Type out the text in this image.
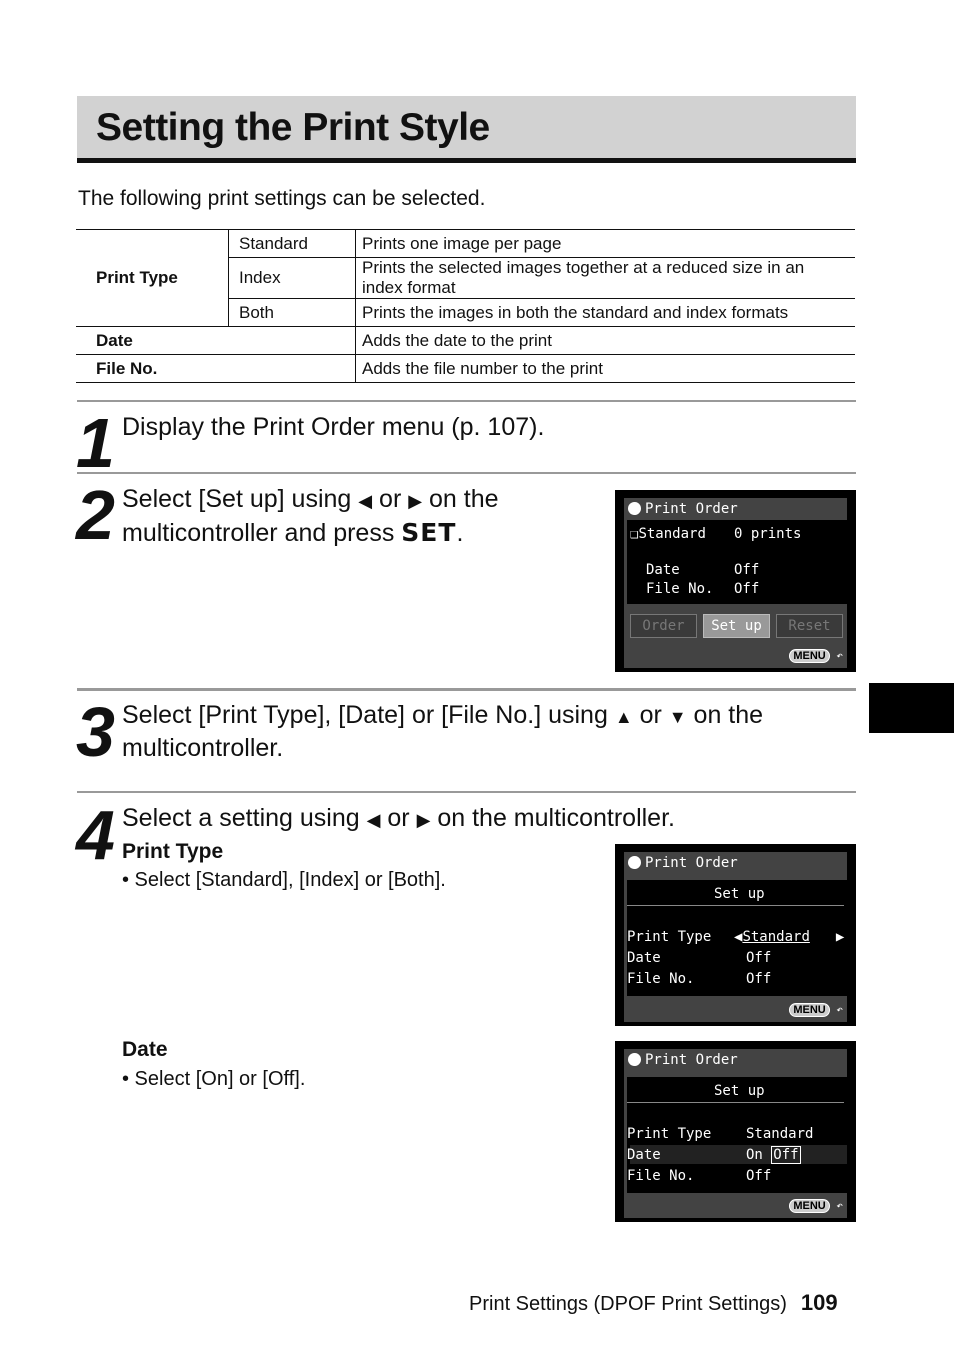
Setting the Print Style
The following print settings can be selected.
Print Type	Standard	Prints one image per page
	Index	Prints the selected images together at a reduced size in an index format
	Both	Prints the images in both the standard and index formats
Date		Adds the date to the print
File No.		Adds the file number to the print
1 Display the Print Order menu (p. 107).
2 Select [Set up] using ◀ or ▶ on the
multicontroller and press SET.
Print Order
❑Standard 0 prints
Date	Off
File No. Off
Order	Set up	Reset
MENU ↶
3 Select [Print Type], [Date] or [File No.] using ▲ or ▼ on the
multicontroller.
4 Select a setting using ◀ or ▶ on the multicontroller.
Print Type
• Select [Standard], [Index] or [Both].
Print Order
Set up
Print Type ◀Standard ▶
Date	Off
File No.	Off
MENU ↶
Date
• Select [On] or [Off].
Print Order
Set up
Print Type Standard
Date	On Off
File No.	Off
MENU ↶
Print Settings (DPOF Print Settings) 109
